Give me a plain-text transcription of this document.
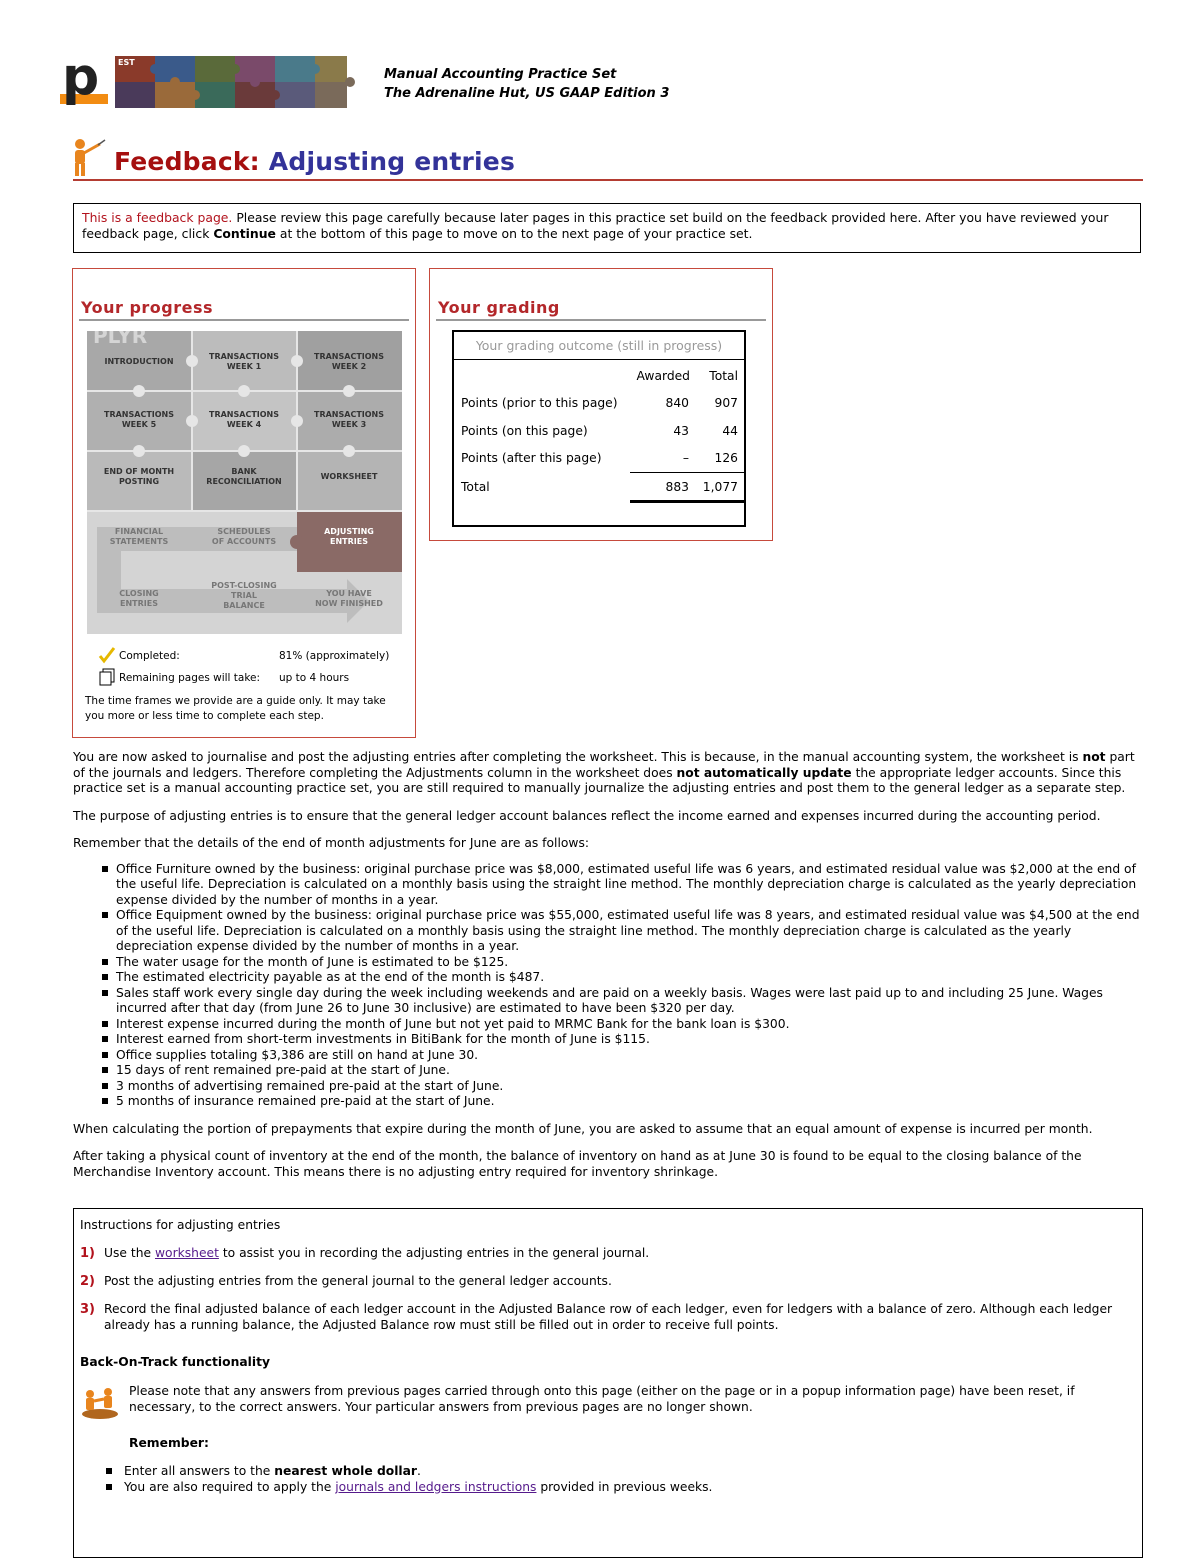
p EST
Manual Accounting Practice Set
The Adrenaline Hut, US GAAP Edition 3
Feedback: Adjusting entries
This is a feedback page. Please review this page carefully because later pages in this practice set build on the feedback provided here. After you have reviewed your feedback page, click Continue at the bottom of this page to move on to the next page of your practice set.
Your progress
PLYR
INTRODUCTION
TRANSACTIONS
WEEK 1
TRANSACTIONS
WEEK 2
TRANSACTIONS
WEEK 5
TRANSACTIONS
WEEK 4
TRANSACTIONS
WEEK 3
END OF MONTH
POSTING
BANK
RECONCILIATION
WORKSHEET
FINANCIAL
STATEMENTS
SCHEDULES
OF ACCOUNTS
ADJUSTING
ENTRIES
CLOSING
ENTRIES
POST-CLOSING
TRIAL
BALANCE
YOU HAVE
NOW FINISHED
Completed:	81% (approximately)
Remaining pages will take: up to 4 hours
The time frames we provide are a guide only. It may take you more or less time to complete each step.
Your grading
Your grading outcome (still in progress)
Awarded Total
Points (prior to this page)	840 907
Points (on this page)	43	44
Points (after this page)	– 126
Total	883 1,077

You are now asked to journalise and post the adjusting entries after completing the worksheet. This is because, in the manual accounting system, the worksheet is not part of the journals and ledgers. Therefore completing the Adjustments column in the worksheet does not automatically update the appropriate ledger accounts. Since this practice set is a manual accounting practice set, you are still required to manually journalize the adjusting entries and post them to the general ledger as a separate step.

The purpose of adjusting entries is to ensure that the general ledger account balances reflect the income earned and expenses incurred during the accounting period.

Remember that the details of the end of month adjustments for June are as follows:

Office Furniture owned by the business: original purchase price was $8,000, estimated useful life was 6 years, and estimated residual value was $2,000 at the end of the useful life. Depreciation is calculated on a monthly basis using the straight line method. The monthly depreciation charge is calculated as the yearly depreciation expense divided by the number of months in a year.
Office Equipment owned by the business: original purchase price was $55,000, estimated useful life was 8 years, and estimated residual value was $4,500 at the end of the useful life. Depreciation is calculated on a monthly basis using the straight line method. The monthly depreciation charge is calculated as the yearly depreciation expense divided by the number of months in a year.
The water usage for the month of June is estimated to be $125.
The estimated electricity payable as at the end of the month is $487.
Sales staff work every single day during the week including weekends and are paid on a weekly basis. Wages were last paid up to and including 25 June. Wages incurred after that day (from June 26 to June 30 inclusive) are estimated to have been $320 per day.
Interest expense incurred during the month of June but not yet paid to MRMC Bank for the bank loan is $300.
Interest earned from short-term investments in BitiBank for the month of June is $115.
Office supplies totaling $3,386 are still on hand at June 30.
15 days of rent remained pre-paid at the start of June.
3 months of advertising remained pre-paid at the start of June.
5 months of insurance remained pre-paid at the start of June.

When calculating the portion of prepayments that expire during the month of June, you are asked to assume that an equal amount of expense is incurred per month.

After taking a physical count of inventory at the end of the month, the balance of inventory on hand as at June 30 is found to be equal to the closing balance of the Merchandise Inventory account. This means there is no adjusting entry required for inventory shrinkage.

Instructions for adjusting entries
1) Use the worksheet to assist you in recording the adjusting entries in the general journal.
2) Post the adjusting entries from the general journal to the general ledger accounts.
3) Record the final adjusted balance of each ledger account in the Adjusted Balance row of each ledger, even for ledgers with a balance of zero. Although each ledger already has a running balance, the Adjusted Balance row must still be filled out in order to receive full points.
Back-On-Track functionality
Please note that any answers from previous pages carried through onto this page (either on the page or in a popup information page) have been reset, if necessary, to the correct answers. Your particular answers from previous pages are no longer shown.
Remember:
Enter all answers to the nearest whole dollar.
You are also required to apply the journals and ledgers instructions provided in previous weeks.
